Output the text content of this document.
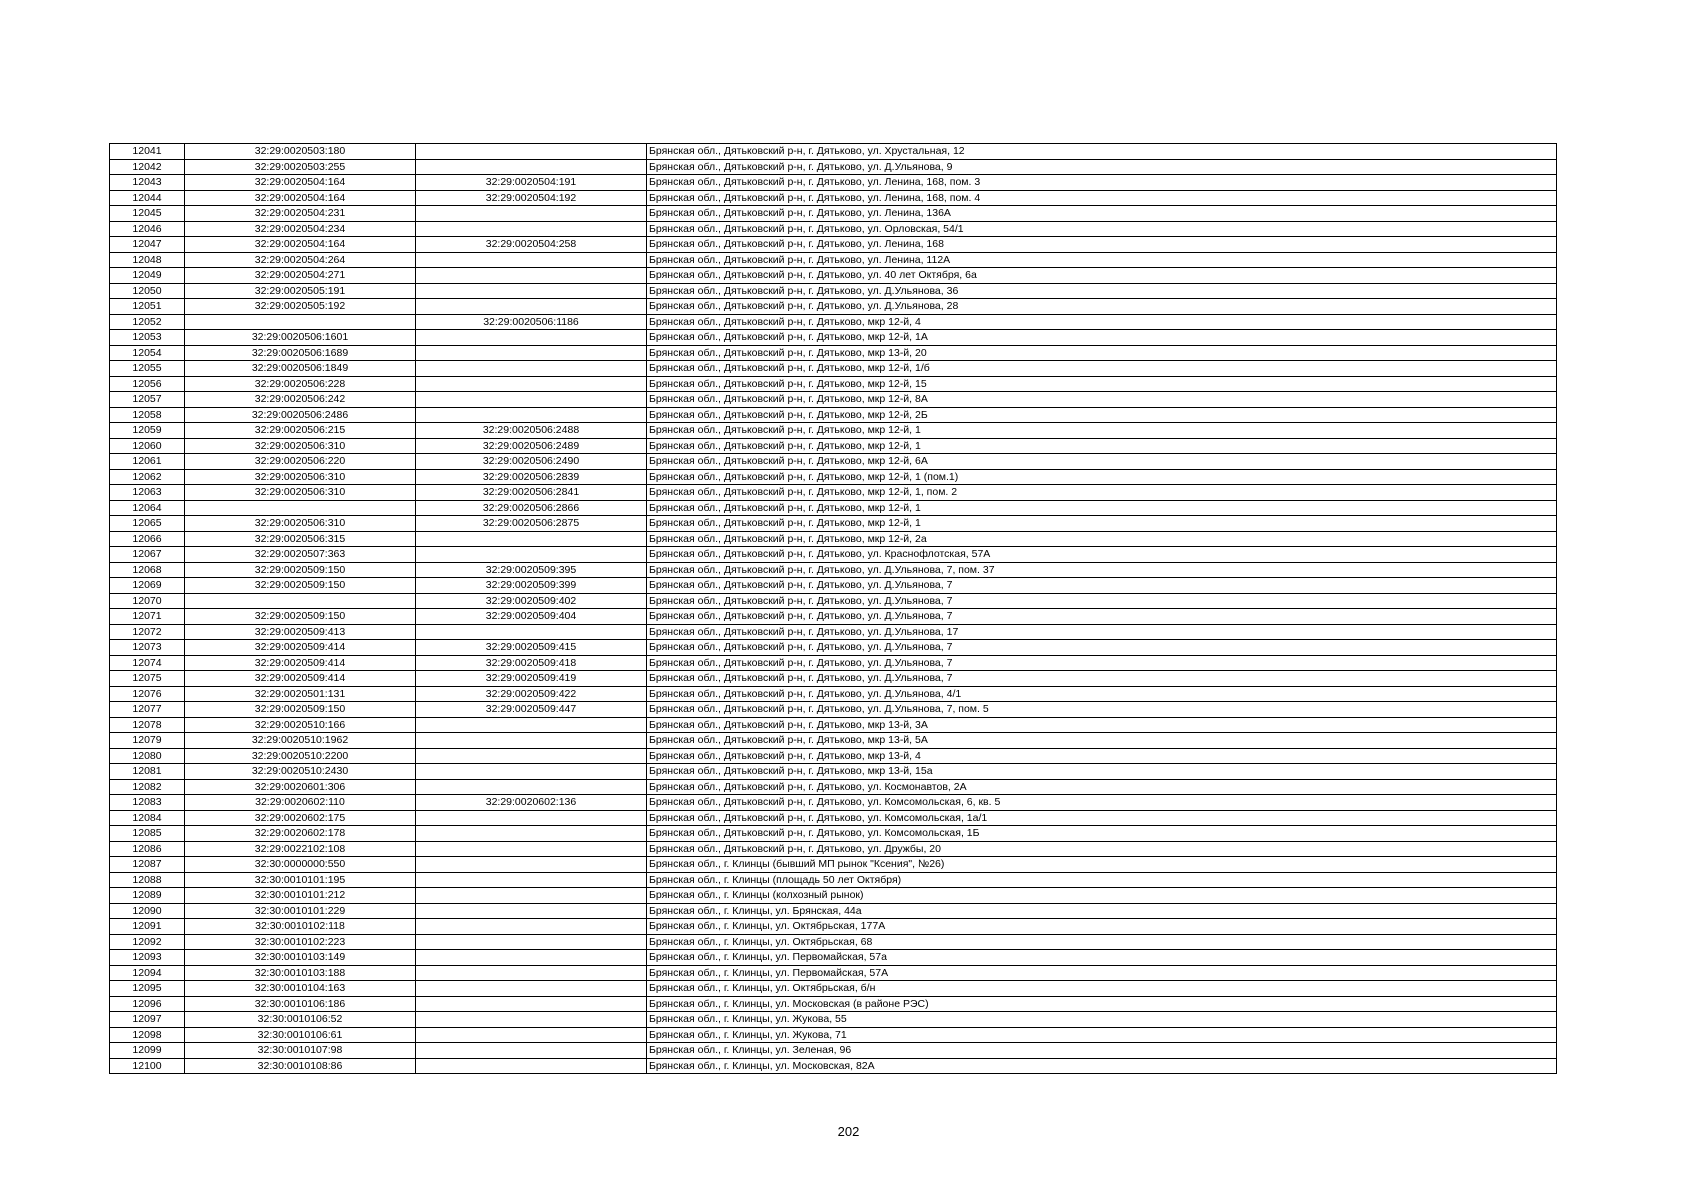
12041	32:29:0020503:180		Брянская обл., Дятьковский р-н, г. Дятьково, ул. Хрустальная, 12
12042	32:29:0020503:255		Брянская обл., Дятьковский р-н, г. Дятьково, ул. Д.Ульянова, 9
12043	32:29:0020504:164	32:29:0020504:191	Брянская обл., Дятьковский р-н, г. Дятьково, ул. Ленина, 168, пом. 3
12044	32:29:0020504:164	32:29:0020504:192	Брянская обл., Дятьковский р-н, г. Дятьково, ул. Ленина, 168, пом. 4
12045	32:29:0020504:231		Брянская обл., Дятьковский р-н, г. Дятьково, ул. Ленина, 136А
12046	32:29:0020504:234		Брянская обл., Дятьковский р-н, г. Дятьково, ул. Орловская, 54/1
12047	32:29:0020504:164	32:29:0020504:258	Брянская обл., Дятьковский р-н, г. Дятьково, ул. Ленина, 168
12048	32:29:0020504:264		Брянская обл., Дятьковский р-н, г. Дятьково, ул. Ленина, 112А
12049	32:29:0020504:271		Брянская обл., Дятьковский р-н, г. Дятьково, ул. 40 лет Октября, 6а
12050	32:29:0020505:191		Брянская обл., Дятьковский р-н, г. Дятьково, ул. Д.Ульянова, 36
12051	32:29:0020505:192		Брянская обл., Дятьковский р-н, г. Дятьково, ул. Д.Ульянова, 28
12052		32:29:0020506:1186	Брянская обл., Дятьковский р-н, г. Дятьково, мкр 12-й, 4
12053	32:29:0020506:1601		Брянская обл., Дятьковский р-н, г. Дятьково, мкр 12-й, 1А
12054	32:29:0020506:1689		Брянская обл., Дятьковский р-н, г. Дятьково, мкр 13-й, 20
12055	32:29:0020506:1849		Брянская обл., Дятьковский р-н, г. Дятьково, мкр 12-й, 1/б
12056	32:29:0020506:228		Брянская обл., Дятьковский р-н, г. Дятьково, мкр 12-й, 15
12057	32:29:0020506:242		Брянская обл., Дятьковский р-н, г. Дятьково, мкр 12-й, 8А
12058	32:29:0020506:2486		Брянская обл., Дятьковский р-н, г. Дятьково, мкр 12-й, 2Б
12059	32:29:0020506:215	32:29:0020506:2488	Брянская обл., Дятьковский р-н, г. Дятьково, мкр 12-й, 1
12060	32:29:0020506:310	32:29:0020506:2489	Брянская обл., Дятьковский р-н, г. Дятьково, мкр 12-й, 1
12061	32:29:0020506:220	32:29:0020506:2490	Брянская обл., Дятьковский р-н, г. Дятьково, мкр 12-й, 6А
12062	32:29:0020506:310	32:29:0020506:2839	Брянская обл., Дятьковский р-н, г. Дятьково, мкр 12-й, 1 (пом.1)
12063	32:29:0020506:310	32:29:0020506:2841	Брянская обл., Дятьковский р-н, г. Дятьково, мкр 12-й, 1, пом. 2
12064		32:29:0020506:2866	Брянская обл., Дятьковский р-н, г. Дятьково, мкр 12-й, 1
12065	32:29:0020506:310	32:29:0020506:2875	Брянская обл., Дятьковский р-н, г. Дятьково, мкр 12-й, 1
12066	32:29:0020506:315		Брянская обл., Дятьковский р-н, г. Дятьково, мкр 12-й, 2а
12067	32:29:0020507:363		Брянская обл., Дятьковский р-н, г. Дятьково, ул. Краснофлотская, 57А
12068	32:29:0020509:150	32:29:0020509:395	Брянская обл., Дятьковский р-н, г. Дятьково, ул. Д.Ульянова, 7, пом. 37
12069	32:29:0020509:150	32:29:0020509:399	Брянская обл., Дятьковский р-н, г. Дятьково, ул. Д.Ульянова, 7
12070		32:29:0020509:402	Брянская обл., Дятьковский р-н, г. Дятьково, ул. Д.Ульянова, 7
12071	32:29:0020509:150	32:29:0020509:404	Брянская обл., Дятьковский р-н, г. Дятьково, ул. Д.Ульянова, 7
12072	32:29:0020509:413		Брянская обл., Дятьковский р-н, г. Дятьково, ул. Д.Ульянова, 17
12073	32:29:0020509:414	32:29:0020509:415	Брянская обл., Дятьковский р-н, г. Дятьково, ул. Д.Ульянова, 7
12074	32:29:0020509:414	32:29:0020509:418	Брянская обл., Дятьковский р-н, г. Дятьково, ул. Д.Ульянова, 7
12075	32:29:0020509:414	32:29:0020509:419	Брянская обл., Дятьковский р-н, г. Дятьково, ул. Д.Ульянова, 7
12076	32:29:0020501:131	32:29:0020509:422	Брянская обл., Дятьковский р-н, г. Дятьково, ул. Д.Ульянова, 4/1
12077	32:29:0020509:150	32:29:0020509:447	Брянская обл., Дятьковский р-н, г. Дятьково, ул. Д.Ульянова, 7, пом. 5
12078	32:29:0020510:166		Брянская обл., Дятьковский р-н, г. Дятьково, мкр 13-й, 3А
12079	32:29:0020510:1962		Брянская обл., Дятьковский р-н, г. Дятьково, мкр 13-й, 5А
12080	32:29:0020510:2200		Брянская обл., Дятьковский р-н, г. Дятьково, мкр 13-й, 4
12081	32:29:0020510:2430		Брянская обл., Дятьковский р-н, г. Дятьково, мкр 13-й, 15а
12082	32:29:0020601:306		Брянская обл., Дятьковский р-н, г. Дятьково, ул. Космонавтов, 2А
12083	32:29:0020602:110	32:29:0020602:136	Брянская обл., Дятьковский р-н, г. Дятьково, ул. Комсомольская, 6, кв. 5
12084	32:29:0020602:175		Брянская обл., Дятьковский р-н, г. Дятьково, ул. Комсомольская, 1а/1
12085	32:29:0020602:178		Брянская обл., Дятьковский р-н, г. Дятьково, ул. Комсомольская, 1Б
12086	32:29:0022102:108		Брянская обл., Дятьковский р-н, г. Дятьково, ул. Дружбы, 20
12087	32:30:0000000:550		Брянская обл., г. Клинцы (бывший МП рынок "Ксения", №26)
12088	32:30:0010101:195		Брянская обл., г. Клинцы (площадь 50 лет Октября)
12089	32:30:0010101:212		Брянская обл., г. Клинцы (колхозный рынок)
12090	32:30:0010101:229		Брянская обл., г. Клинцы, ул. Брянская, 44а
12091	32:30:0010102:118		Брянская обл., г. Клинцы, ул. Октябрьская, 177А
12092	32:30:0010102:223		Брянская обл., г. Клинцы, ул. Октябрьская, 68
12093	32:30:0010103:149		Брянская обл., г. Клинцы, ул. Первомайская, 57а
12094	32:30:0010103:188		Брянская обл., г. Клинцы, ул. Первомайская, 57А
12095	32:30:0010104:163		Брянская обл., г. Клинцы, ул. Октябрьская, б/н
12096	32:30:0010106:186		Брянская обл., г. Клинцы, ул. Московская (в районе РЭС)
12097	32:30:0010106:52		Брянская обл., г. Клинцы, ул. Жукова, 55
12098	32:30:0010106:61		Брянская обл., г. Клинцы, ул. Жукова, 71
12099	32:30:0010107:98		Брянская обл., г. Клинцы, ул. Зеленая, 96
12100	32:30:0010108:86		Брянская обл., г. Клинцы, ул. Московская, 82А
202
